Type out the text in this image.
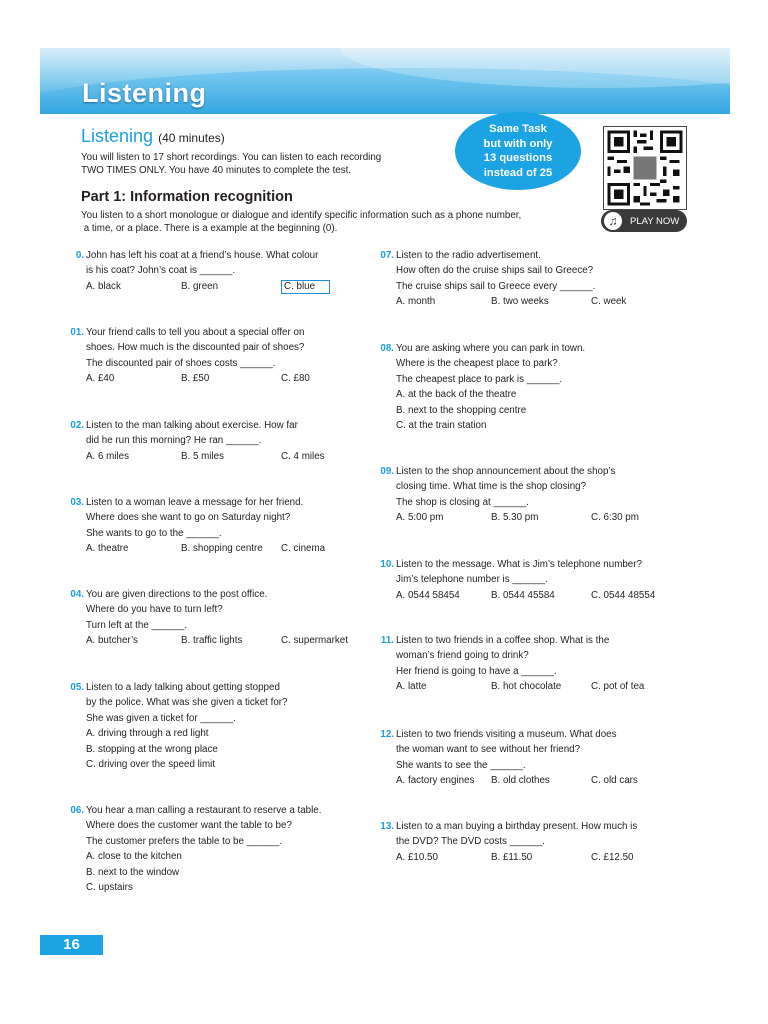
Listening
Listening (40 minutes)
You will listen to 17 short recordings. You can listen to each recording
TWO TIMES ONLY. You have 40 minutes to complete the test.
Same Task
but with only
13 questions
instead of 25
♫	PLAY NOW
Part 1: Information recognition
You listen to a short monologue or dialogue and identify specific information such as a phone number,
a time, or a place. There is a example at the beginning (0).
0. John has left his coat at a friend’s house. What colour
is his coat? John’s coat is ______.
A. black	B. green	C. blue
01. Your friend calls to tell you about a special offer on
shoes. How much is the discounted pair of shoes?
The discounted pair of shoes costs ______.
A. £40	B. £50	C. £80
02. Listen to the man talking about exercise. How far
did he run this morning? He ran ______.
A. 6 miles	B. 5 miles	C. 4 miles
03. Listen to a woman leave a message for her friend.
Where does she want to go on Saturday night?
She wants to go to the ______.
A. theatre	B. shopping centre C. cinema
04. You are given directions to the post office.
Where do you have to turn left?
Turn left at the ______.
A. butcher’s	B. traffic lights	C. supermarket
05. Listen to a lady talking about getting stopped
by the police. What was she given a ticket for?
She was given a ticket for ______.
A. driving through a red light
B. stopping at the wrong place
C. driving over the speed limit
06. You hear a man calling a restaurant to reserve a table.
Where does the customer want the table to be?
The customer prefers the table to be ______.
A. close to the kitchen
B. next to the window
C. upstairs
07. Listen to the radio advertisement.
How often do the cruise ships sail to Greece?
The cruise ships sail to Greece every ______.
A. month	B. two weeks	C. week
08. You are asking where you can park in town.
Where is the cheapest place to park?
The cheapest place to park is ______.
A. at the back of the theatre
B. next to the shopping centre
C. at the train station
09. Listen to the shop announcement about the shop’s
closing time. What time is the shop closing?
The shop is closing at ______.
A. 5:00 pm	B. 5.30 pm	C. 6:30 pm
10. Listen to the message. What is Jim’s telephone number?
Jim’s telephone number is ______.
A. 0544 58454	B. 0544 45584	C. 0544 48554
11. Listen to two friends in a coffee shop. What is the
woman’s friend going to drink?
Her friend is going to have a ______.
A. latte	B. hot chocolate	C. pot of tea
12. Listen to two friends visiting a museum. What does
the woman want to see without her friend?
She wants to see the ______.
A. factory engines B. old clothes	C. old cars
13. Listen to a man buying a birthday present. How much is
the DVD? The DVD costs ______.
A. £10.50	B. £11.50	C. £12.50
16
